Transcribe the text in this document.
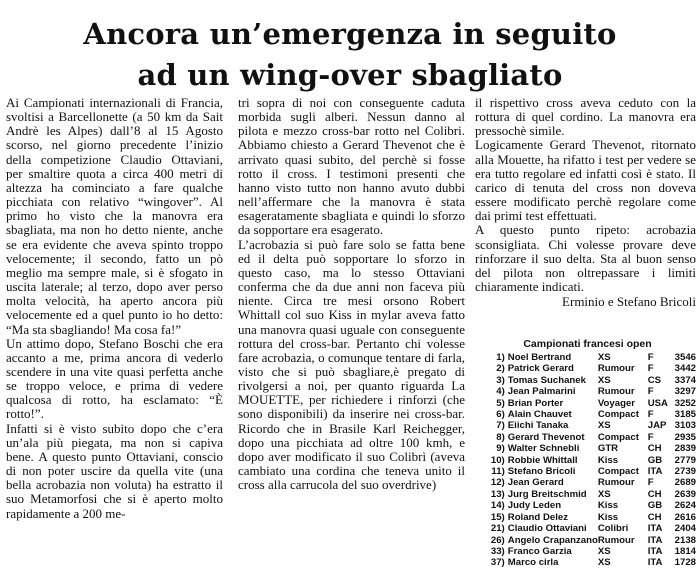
Ancora un’emergenza in seguito
ad un wing-over sbagliato

Ai Campionati internazionali di Francia, svoltisi a Barcellonette (a 50 km da Sait Andrè les Alpes) dall’8 al 15 Agosto scorso, nel giorno precedente l’inizio della competizione Claudio Ottaviani, per smaltire quota a circa 400 metri di altezza ha cominciato a fare qualche picchiata con relativo “wingover”. Al primo ho visto che la manovra era sbagliata, ma non ho detto niente, anche se era evidente che aveva spinto troppo velocemente; il secondo, fatto un pò meglio ma sempre male, si è sfogato in uscita laterale; al terzo, dopo aver perso molta velocità, ha aperto ancora più velocemente ed a quel punto io ho detto: “Ma sta sbagliando! Ma cosa fa!”

Un attimo dopo, Stefano Boschi che era accanto a me, prima ancora di vederlo scendere in una vite quasi perfetta anche se troppo veloce, e prima di vedere qualcosa di rotto, ha esclamato: “È rotto!”.

Infatti si è visto subito dopo che c’era un’ala più piegata, ma non si capiva bene. A questo punto Ottaviani, conscio di non poter uscire da quella vite (una bella acrobazia non voluta) ha estratto il suo Metamorfosi che si è aperto molto rapidamente a 200 me-

tri sopra di noi con conseguente caduta morbida sugli alberi. Nessun danno al pilota e mezzo cross-bar rotto nel Colibri. Abbiamo chiesto a Gerard Thevenot che è arrivato quasi subito, del perchè si fosse rotto il cross. I testimoni presenti che hanno visto tutto non hanno avuto dubbi nell’affermare che la manovra è stata esageratamente sbagliata e quindi lo sforzo da sopportare era esagerato.

L’acrobazia si può fare solo se fatta bene ed il delta può sopportare lo sforzo in questo caso, ma lo stesso Ottaviani conferma che da due anni non faceva più niente. Circa tre mesi orsono Robert Whittall col suo Kiss in mylar aveva fatto una manovra quasi uguale con conseguente rottura del cross-bar. Pertanto chi volesse fare acrobazia, o comunque tentare di farla, visto che si può sbagliare,è pregato di rivolgersi a noi, per quanto riguarda La MOUETTE, per richiedere i rinforzi (che sono disponibili) da inserire nei cross-bar. Ricordo che in Brasile Karl Reichegger, dopo una picchiata ad oltre 100 kmh, e dopo aver modificato il suo Colibrì (avevа cambiato una cordina che teneva unito il cross alla carrucola del suo overdrive)

il rispettivo cross aveva ceduto con la rottura di quel cordino. La manovra era pressochè simile.

Logicamente Gerard Thevenot, ritornato alla Mouette, ha rifatto i test per vedere se era tutto regolare ed infatti così è stato. Il carico di tenuta del cross non doveva essere modificato perchè regolare come dai primi test effettuati.

A questo punto ripeto: acrobazia sconsigliata. Chi volesse provare deve rinforzare il suo delta. Sta al buon senso del pilota non oltrepassare i limiti chiaramente indicati.

Erminio e Stefano Bricoli

Campionati francesi open
1)	Noel Bertrand	XS	F	3546
2)	Patrick Gerard	Rumour	F	3442
3)	Tomas Suchanek	XS	CS	3374
4)	Jean Palmarini	Rumour	F	3297
5)	Brian Porter	Voyager	USA	3252
6)	Alain Chauvet	Compact	F	3185
7)	Eiichi Tanaka	XS	JAP	3103
8)	Gerard Thevenot	Compact	F	2935
9)	Walter Schnebli	GTR	CH	2839
10)	Robbie Whittall	Kiss	GB	2779
11)	Stefano Bricoli	Compact	ITA	2739
12)	Jean Gerard	Rumour	F	2689
13)	Jurg Breitschmid	XS	CH	2639
14)	Judy Leden	Kiss	GB	2624
15)	Roland Delez	Kiss	CH	2616
21)	Claudio Ottaviani	Colibri	ITA	2404
26)	Angelo Crapanzano	Rumour	ITA	2138
33)	Franco Garzia	XS	ITA	1814
37)	Marco cirla	XS	ITA	1728
